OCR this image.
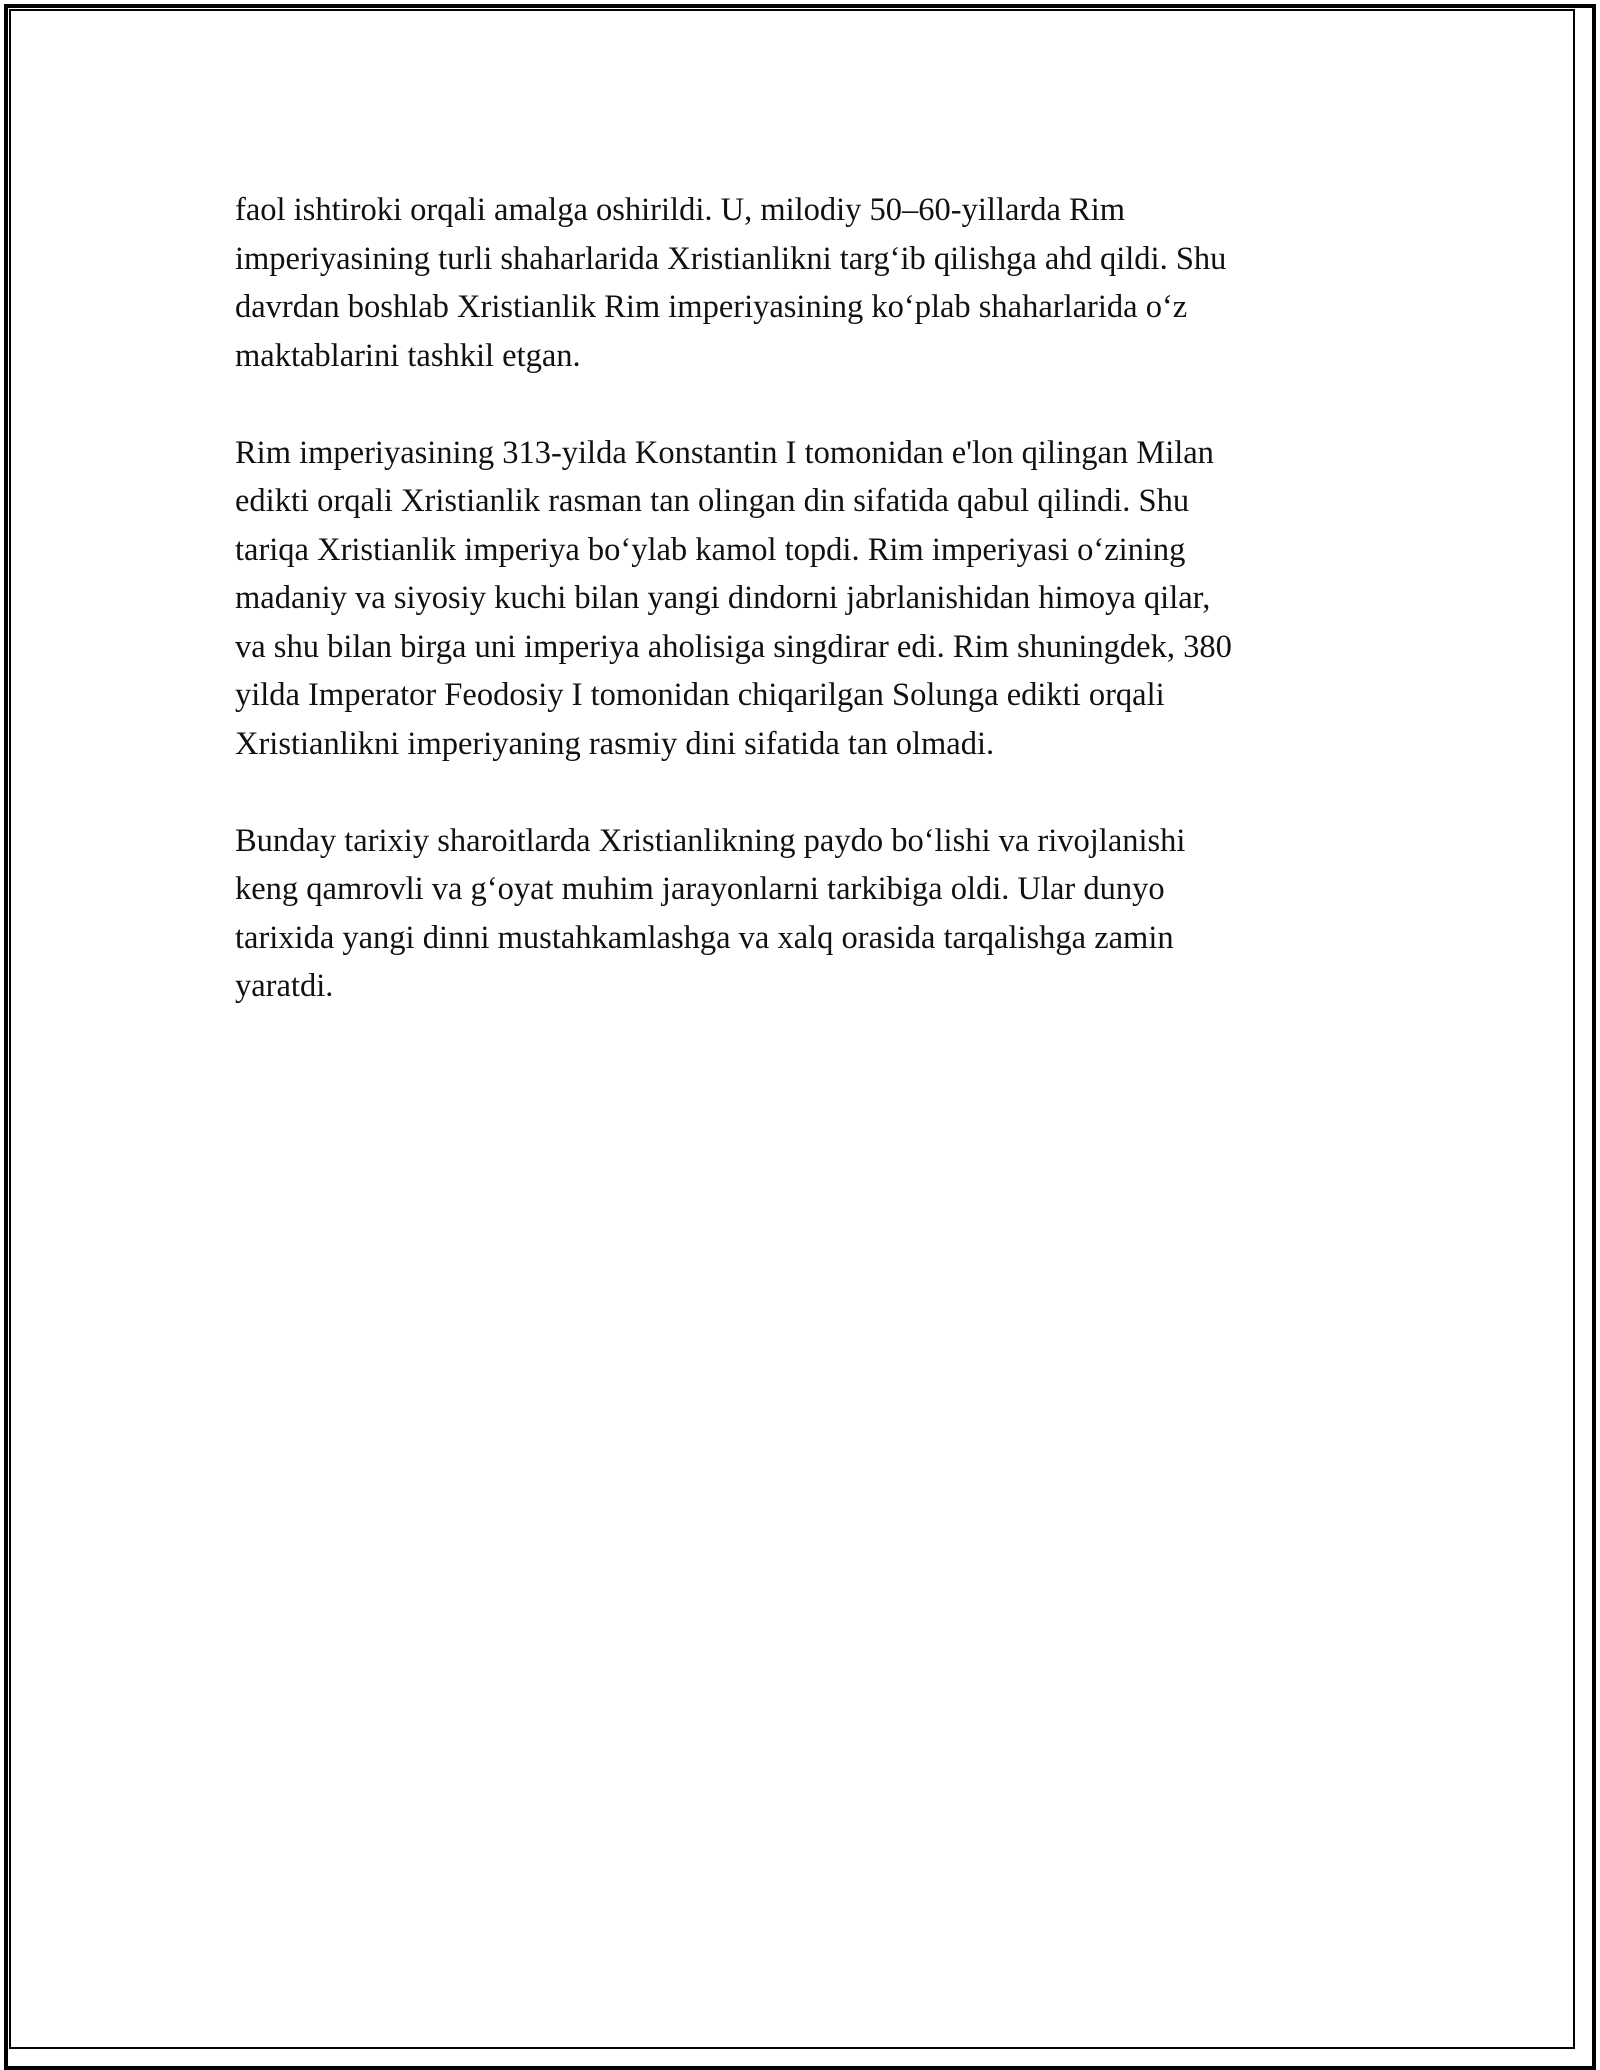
faol ishtiroki orqali amalga oshirildi. U, milodiy 50–60-yillarda Rim
imperiyasining turli shaharlarida Xristianlikni targ‘ib qilishga ahd qildi. Shu
davrdan boshlab Xristianlik Rim imperiyasining ko‘plab shaharlarida o‘z
maktablarini tashkil etgan.

Rim imperiyasining 313-yilda Konstantin I tomonidan e'lon qilingan Milan
edikti orqali Xristianlik rasman tan olingan din sifatida qabul qilindi. Shu
tariqa Xristianlik imperiya bo‘ylab kamol topdi. Rim imperiyasi o‘zining
madaniy va siyosiy kuchi bilan yangi dindorni jabrlanishidan himoya qilar,
va shu bilan birga uni imperiya aholisiga singdirar edi. Rim shuningdek, 380
yilda Imperator Feodosiy I tomonidan chiqarilgan Solunga edikti orqali
Xristianlikni imperiyaning rasmiy dini sifatida tan olmadi.

Bunday tarixiy sharoitlarda Xristianlikning paydo bo‘lishi va rivojlanishi
keng qamrovli va g‘oyat muhim jarayonlarni tarkibiga oldi. Ular dunyo
tarixida yangi dinni mustahkamlashga va xalq orasida tarqalishga zamin
yaratdi.
